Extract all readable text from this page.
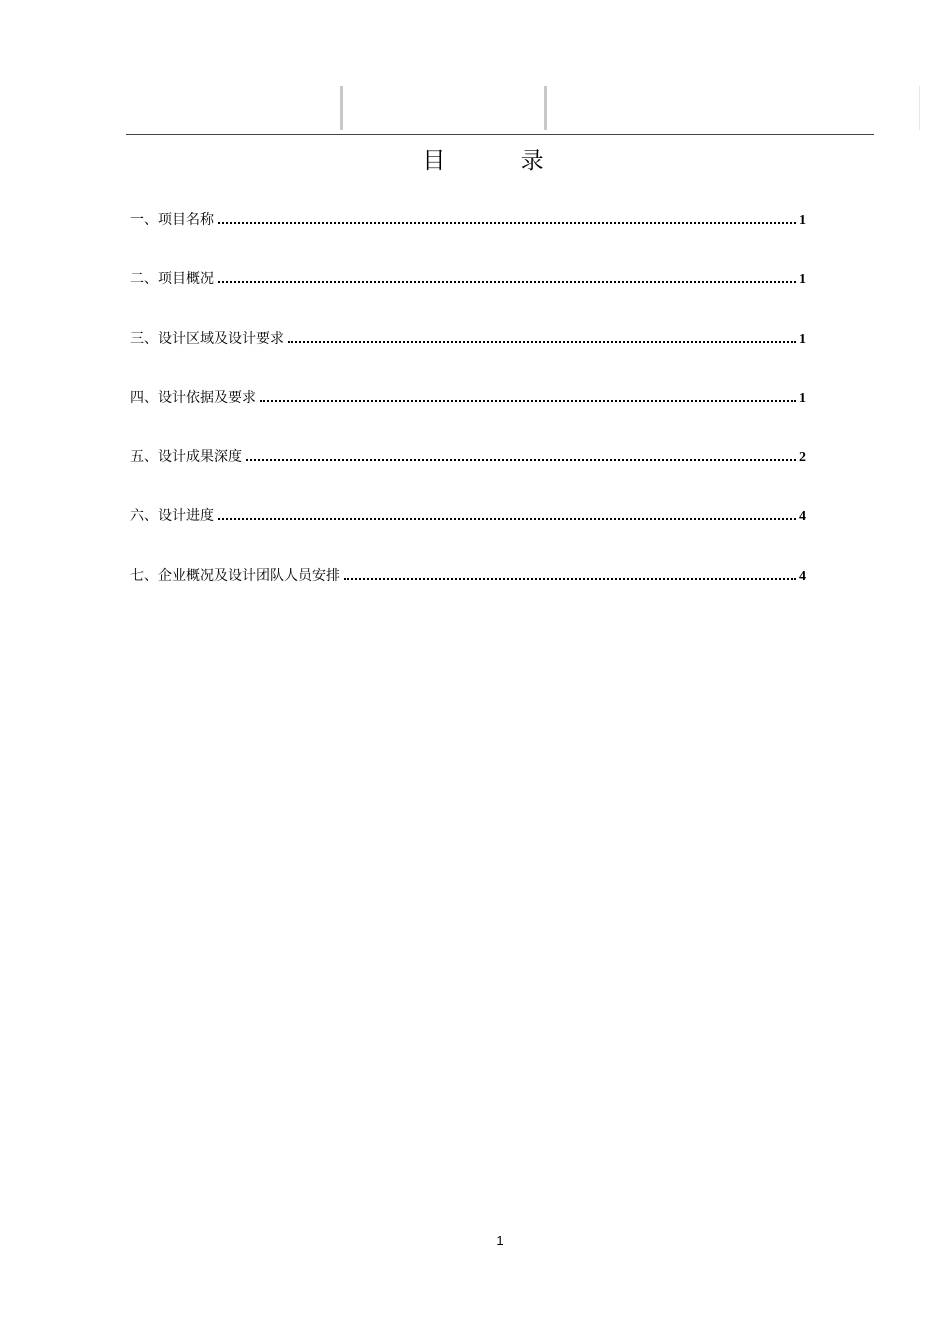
目 录
一、项目名称	1
二、项目概况	1
三、设计区域及设计要求	1
四、设计依据及要求	1
五、设计成果深度	2
六、设计进度	4
七、企业概况及设计团队人员安排	4
1
